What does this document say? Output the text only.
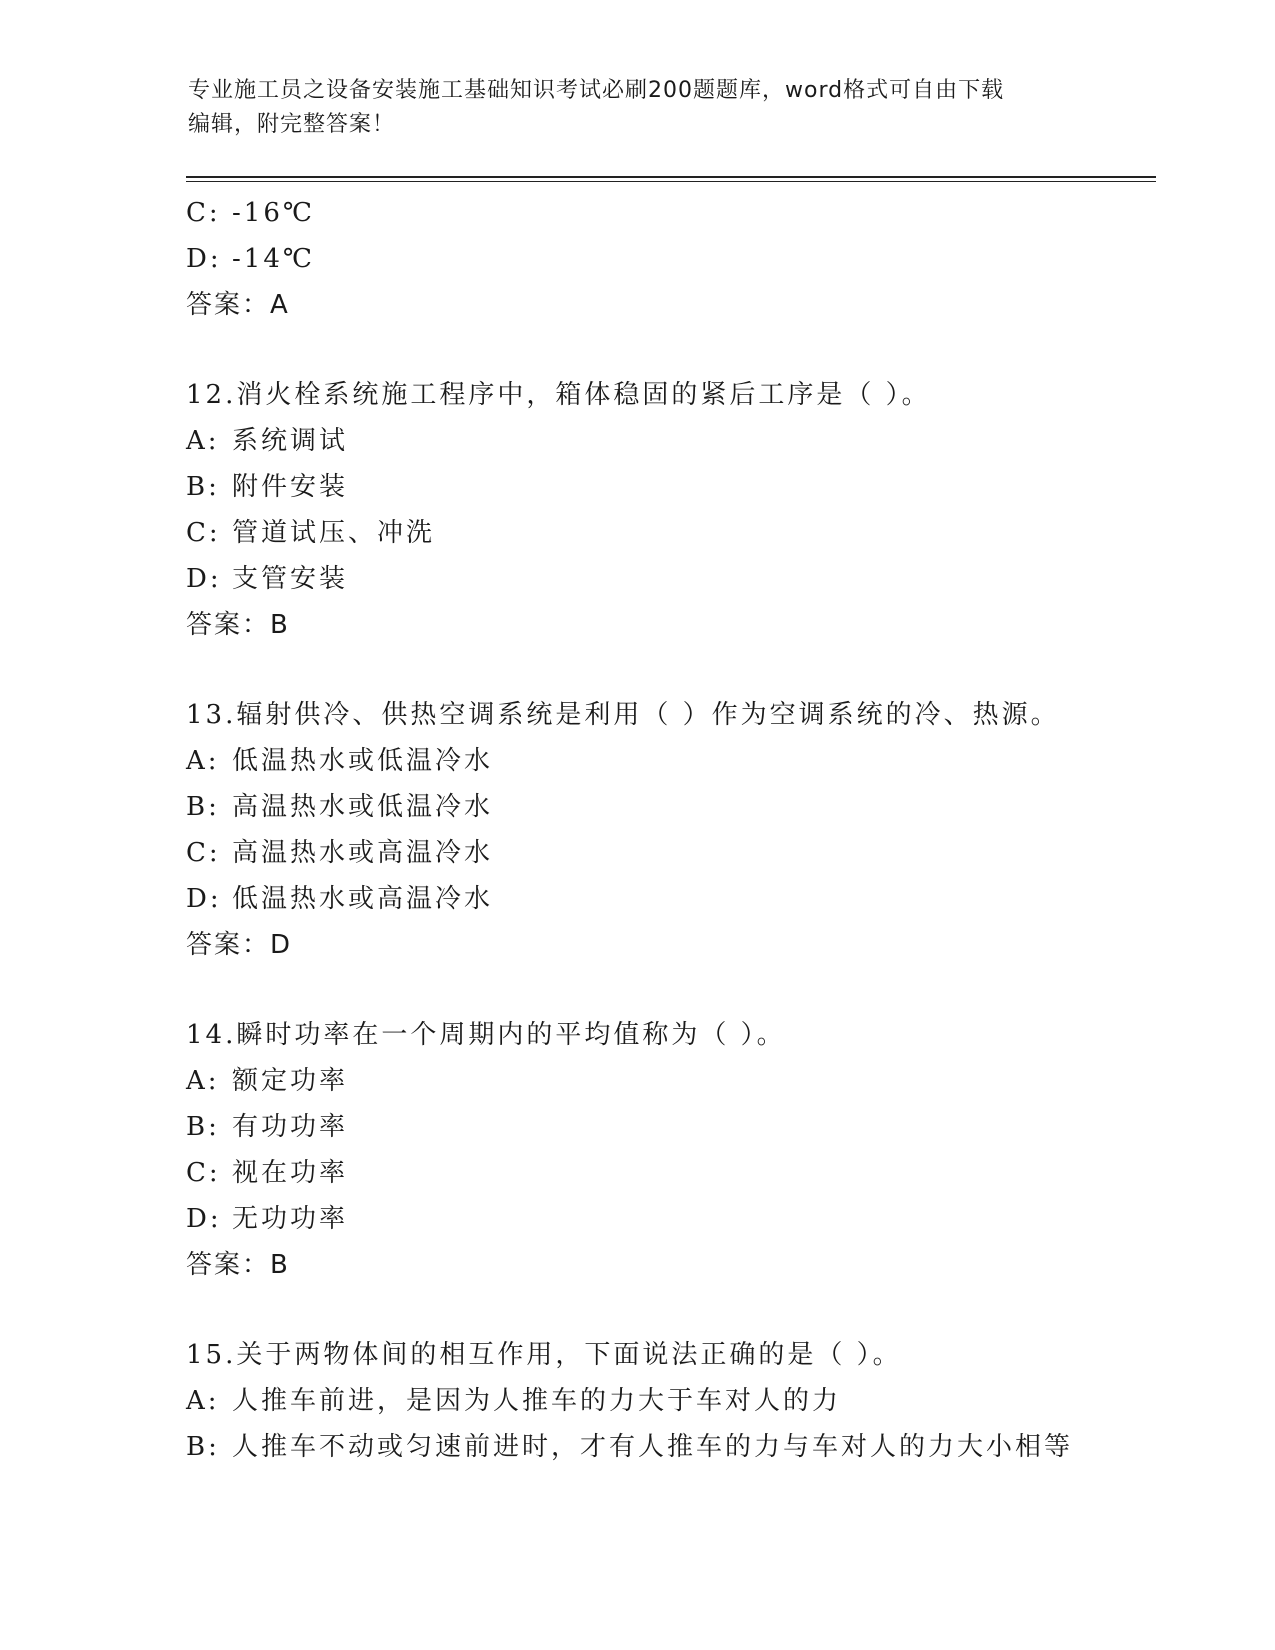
专业施工员之设备安装施工基础知识考试必刷200题题库，word格式可自由下载
编辑，附完整答案！
C: -16℃
D: -14℃
答案：A
12.消火栓系统施工程序中，箱体稳固的紧后工序是（ ）。
A: 系统调试
B: 附件安装
C: 管道试压、冲洗
D: 支管安装
答案：B
13.辐射供冷、供热空调系统是利用（ ）作为空调系统的冷、热源。
A: 低温热水或低温冷水
B: 高温热水或低温冷水
C: 高温热水或高温冷水
D: 低温热水或高温冷水
答案：D
14.瞬时功率在一个周期内的平均值称为（ ）。
A: 额定功率
B: 有功功率
C: 视在功率
D: 无功功率
答案：B
15.关于两物体间的相互作用，下面说法正确的是（ ）。
A: 人推车前进，是因为人推车的力大于车对人的力
B: 人推车不动或匀速前进时，才有人推车的力与车对人的力大小相等
